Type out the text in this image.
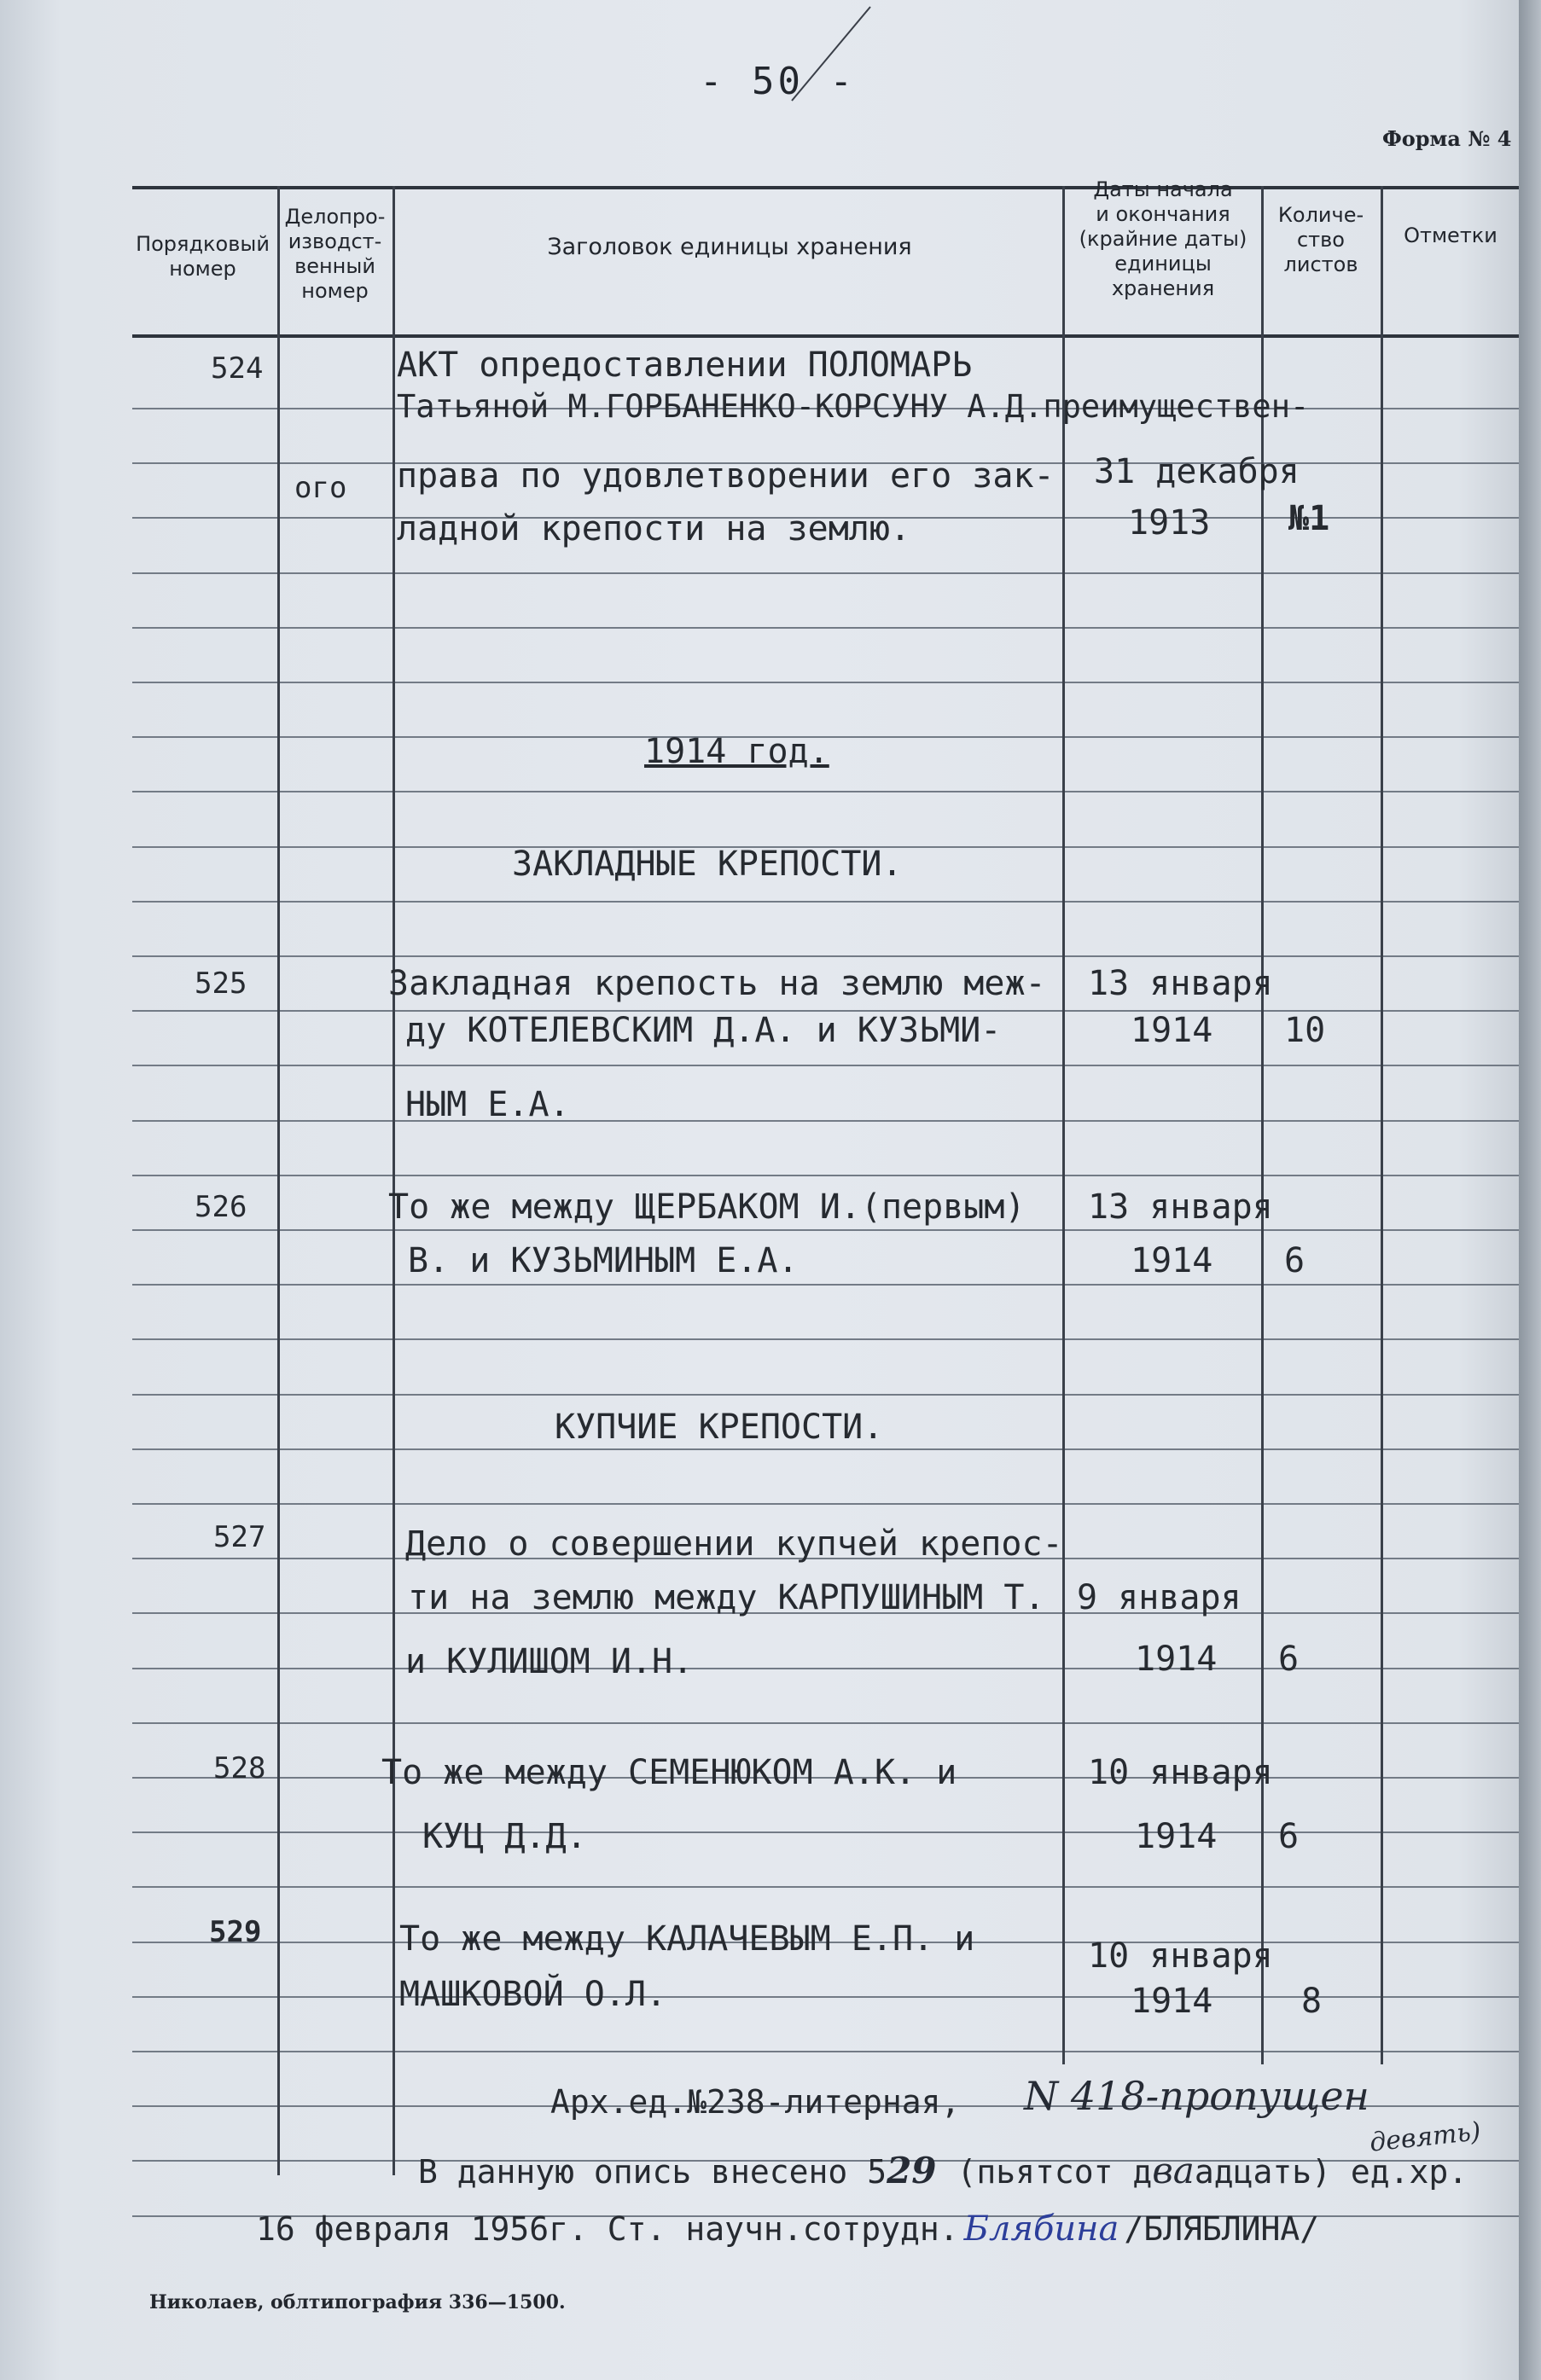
- 50 -
Форма № 4
Порядковый
номер
Делопро-
изводст-
венный
номер
Заголовок единицы хранения
Даты начала
и окончания
(крайние даты)
единицы
хранения
Количе-
ство
листов
Отметки
524
ого
АКТ опредоставлении ПОЛОМАРЬ
Татьяной М.ГОРБАНЕНКО-КОРСУНУ А.Д.преимуществен-
права по удовлетворении его зак-
ладной крепости на землю.
31 декабря
1913 №1
1914 год.
ЗАКЛАДНЫЕ КРЕПОСТИ.
525	Закладная крепость на землю меж-
ду КОТЕЛЕВСКИМ Д.А. и КУЗЬМИ-
НЫМ Е.А.
13 января
1914 10
526	То же между ЩЕРБАКОМ И.(первым)
В. и КУЗЬМИНЫМ Е.А.
13 января
1914 6
КУПЧИЕ КРЕПОСТИ.
527	Дело о совершении купчей крепос-
ти на землю между КАРПУШИНЫМ Т.
и КУЛИШОМ И.Н.
9 января
1914 6
528	То же между СЕМЕНЮКОМ А.К. и
КУЦ Д.Д.
10 января
1914 6
529	То же между КАЛАЧЕВЫМ Е.П. и
МАШКОВОЙ О.Л.
10 января
1914	8
Арх.ед.№238-литерная, N 418-пропущен
В данную опись внесено 529 (пьятсот дваадцать) ед.хр.
девять)
16 февраля 1956г. Ст. научн.сотрудн. Блябина /БЛЯБЛИНА/
Николаев, облтипография 336—1500.
